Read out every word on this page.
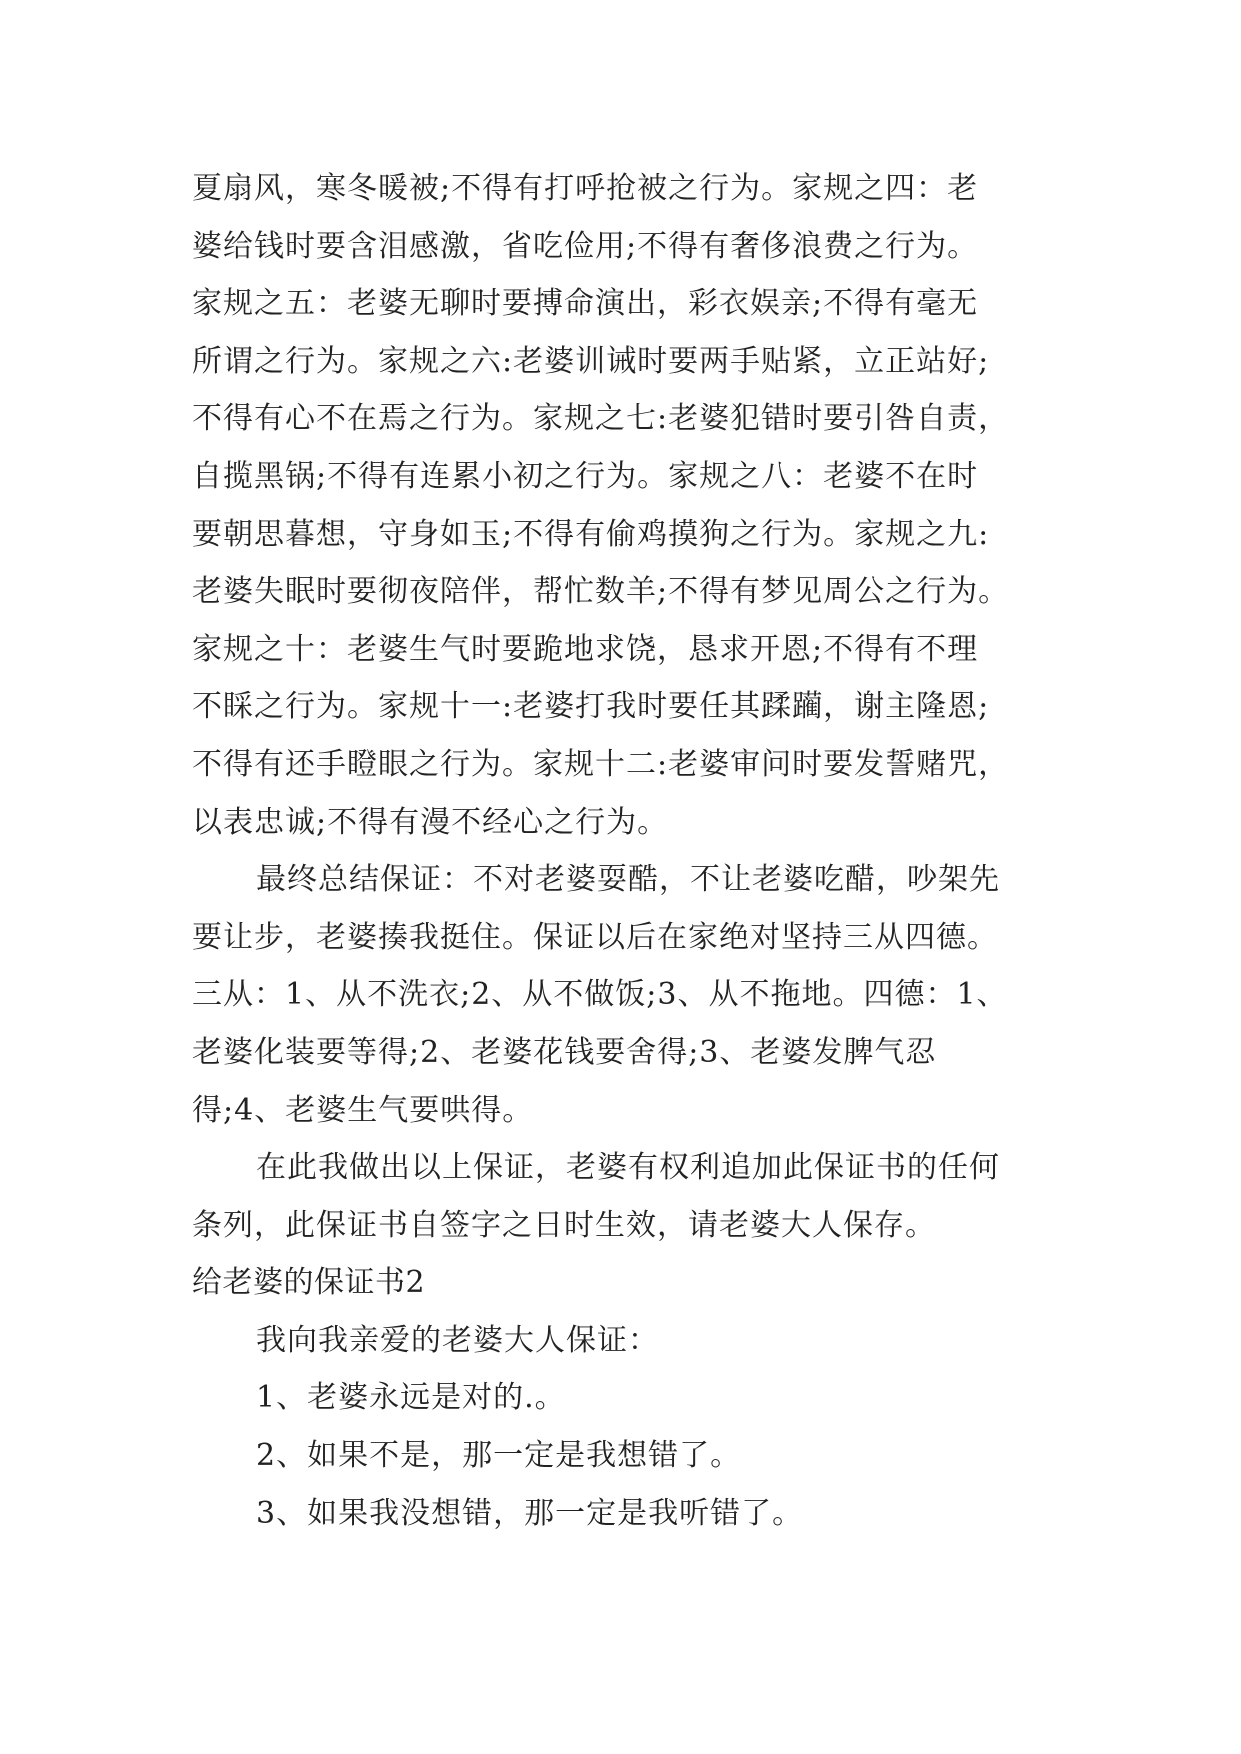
夏扇风，寒冬暖被;不得有打呼抢被之行为。家规之四：老
婆给钱时要含泪感激，省吃俭用;不得有奢侈浪费之行为。
家规之五：老婆无聊时要搏命演出，彩衣娱亲;不得有毫无
所谓之行为。家规之六:老婆训诫时要两手贴紧，立正站好;
不得有心不在焉之行为。家规之七:老婆犯错时要引咎自责，
自揽黑锅;不得有连累小初之行为。家规之八：老婆不在时
要朝思暮想，守身如玉;不得有偷鸡摸狗之行为。家规之九:
老婆失眠时要彻夜陪伴，帮忙数羊;不得有梦见周公之行为。
家规之十：老婆生气时要跪地求饶，恳求开恩;不得有不理
不睬之行为。家规十一:老婆打我时要任其蹂躏，谢主隆恩;
不得有还手瞪眼之行为。家规十二:老婆审问时要发誓赌咒，
以表忠诚;不得有漫不经心之行为。
最终总结保证：不对老婆耍酷，不让老婆吃醋，吵架先
要让步，老婆揍我挺住。保证以后在家绝对坚持三从四德。
三从：1、从不洗衣;2、从不做饭;3、从不拖地。四德：1、
老婆化装要等得;2、老婆花钱要舍得;3、老婆发脾气忍
得;4、老婆生气要哄得。
在此我做出以上保证，老婆有权利追加此保证书的任何
条列，此保证书自签字之日时生效，请老婆大人保存。
给老婆的保证书2
我向我亲爱的老婆大人保证：
1、老婆永远是对的.。
2、如果不是，那一定是我想错了。
3、如果我没想错，那一定是我听错了。
